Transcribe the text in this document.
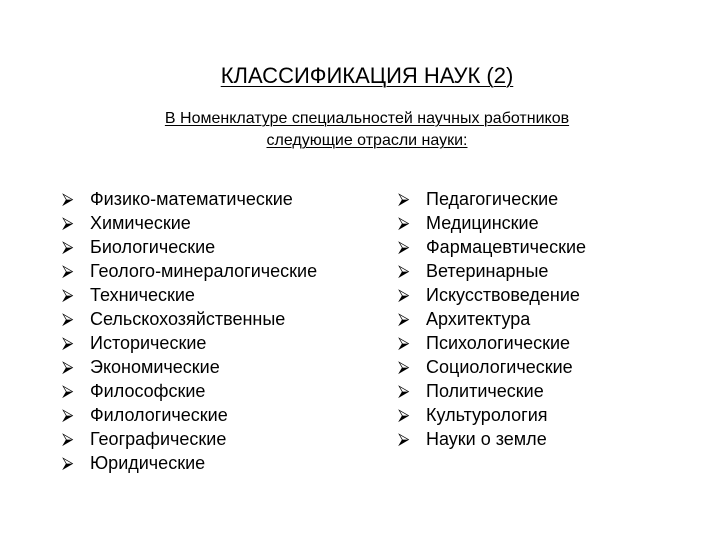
КЛАССИФИКАЦИЯ НАУК (2)
В Номенклатуре специальностей научных работников
следующие отрасли науки:
⮚ Физико-математические
⮚ Химические
⮚ Биологические
⮚ Геолого-минералогические
⮚ Технические
⮚ Сельскохозяйственные
⮚ Исторические
⮚ Экономические
⮚ Философские
⮚ Филологические
⮚ Географические
⮚ Юридические
⮚ Педагогические
⮚ Медицинские
⮚ Фармацевтические
⮚ Ветеринарные
⮚ Искусствоведение
⮚ Архитектура
⮚ Психологические
⮚ Социологические
⮚ Политические
⮚ Культурология
⮚ Науки о земле
